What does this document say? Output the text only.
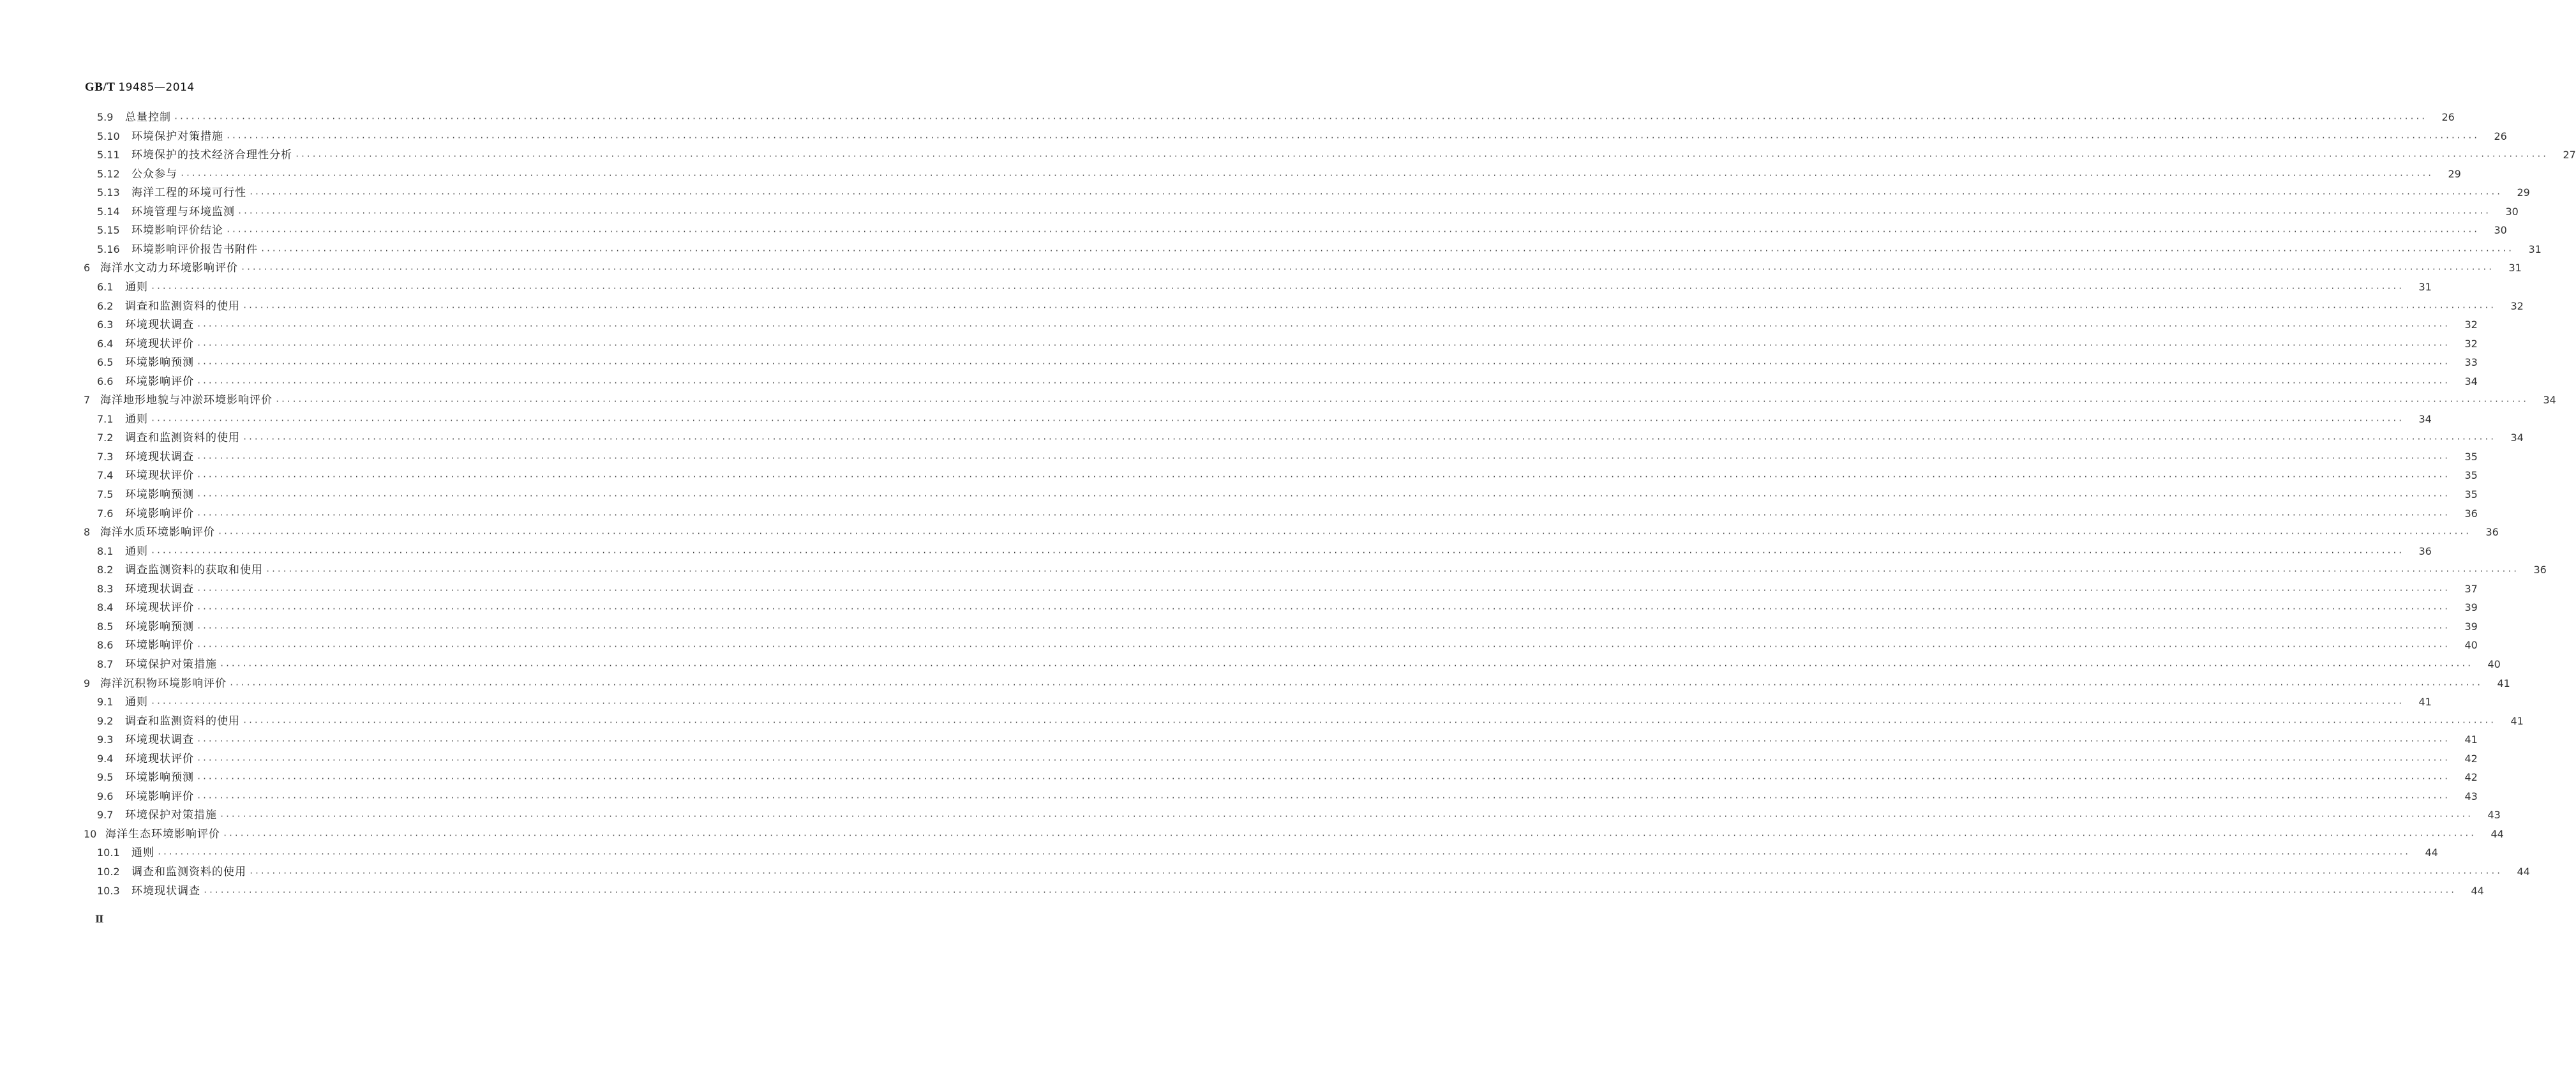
GB/T 19485—2014
5.9	总量控制 ················································································································································································································································································································································································································	26
5.10	环境保护对策措施 ················································································································································································································································································································································································································	26
5.11	环境保护的技术经济合理性分析 ················································································································································································································································································································································································································	27
5.12	公众参与 ················································································································································································································································································································································································································	29
5.13	海洋工程的环境可行性 ················································································································································································································································································································································································································	29
5.14	环境管理与环境监测 ················································································································································································································································································································································································································	30
5.15	环境影响评价结论 ················································································································································································································································································································································································································	30
5.16	环境影响评价报告书附件 ················································································································································································································································································································································································································	31
6 海洋水文动力环境影响评价 ················································································································································································································································································································································································································	31
6.1	通则 ················································································································································································································································································································································································································	31
6.2	调查和监测资料的使用 ················································································································································································································································································································································································································	32
6.3	环境现状调查 ················································································································································································································································································································································································································	32
6.4	环境现状评价 ················································································································································································································································································································································································································	32
6.5	环境影响预测 ················································································································································································································································································································································································································	33
6.6	环境影响评价 ················································································································································································································································································································································································································	34
7 海洋地形地貌与冲淤环境影响评价 ················································································································································································································································································································································································································	34
7.1	通则 ················································································································································································································································································································································································································	34
7.2	调查和监测资料的使用 ················································································································································································································································································································································································································	34
7.3	环境现状调查 ················································································································································································································································································································································································································	35
7.4	环境现状评价 ················································································································································································································································································································································································································	35
7.5	环境影响预测 ················································································································································································································································································································································································································	35
7.6	环境影响评价 ················································································································································································································································································································································································································	36
8 海洋水质环境影响评价 ················································································································································································································································································································································································································	36
8.1	通则 ················································································································································································································································································································································································································	36
8.2	调查监测资料的获取和使用 ················································································································································································································································································································································································································	36
8.3	环境现状调查 ················································································································································································································································································································································································································	37
8.4	环境现状评价 ················································································································································································································································································································································································································	39
8.5	环境影响预测 ················································································································································································································································································································································································································	39
8.6	环境影响评价 ················································································································································································································································································································································································································	40
8.7	环境保护对策措施 ················································································································································································································································································································································································································	40
9 海洋沉积物环境影响评价 ················································································································································································································································································································································································································	41
9.1	通则 ················································································································································································································································································································································································································	41
9.2	调查和监测资料的使用 ················································································································································································································································································································································································································	41
9.3	环境现状调查 ················································································································································································································································································································································································································	41
9.4	环境现状评价 ················································································································································································································································································································································································································	42
9.5	环境影响预测 ················································································································································································································································································································································································································	42
9.6	环境影响评价 ················································································································································································································································································································································································································	43
9.7	环境保护对策措施 ················································································································································································································································································································································································································	43
10 海洋生态环境影响评价 ················································································································································································································································································································································································································	44
10.1	通则 ················································································································································································································································································································································································································	44
10.2	调查和监测资料的使用 ················································································································································································································································································································································································································	44
10.3	环境现状调查 ················································································································································································································································································································································································································	44
Ⅱ
